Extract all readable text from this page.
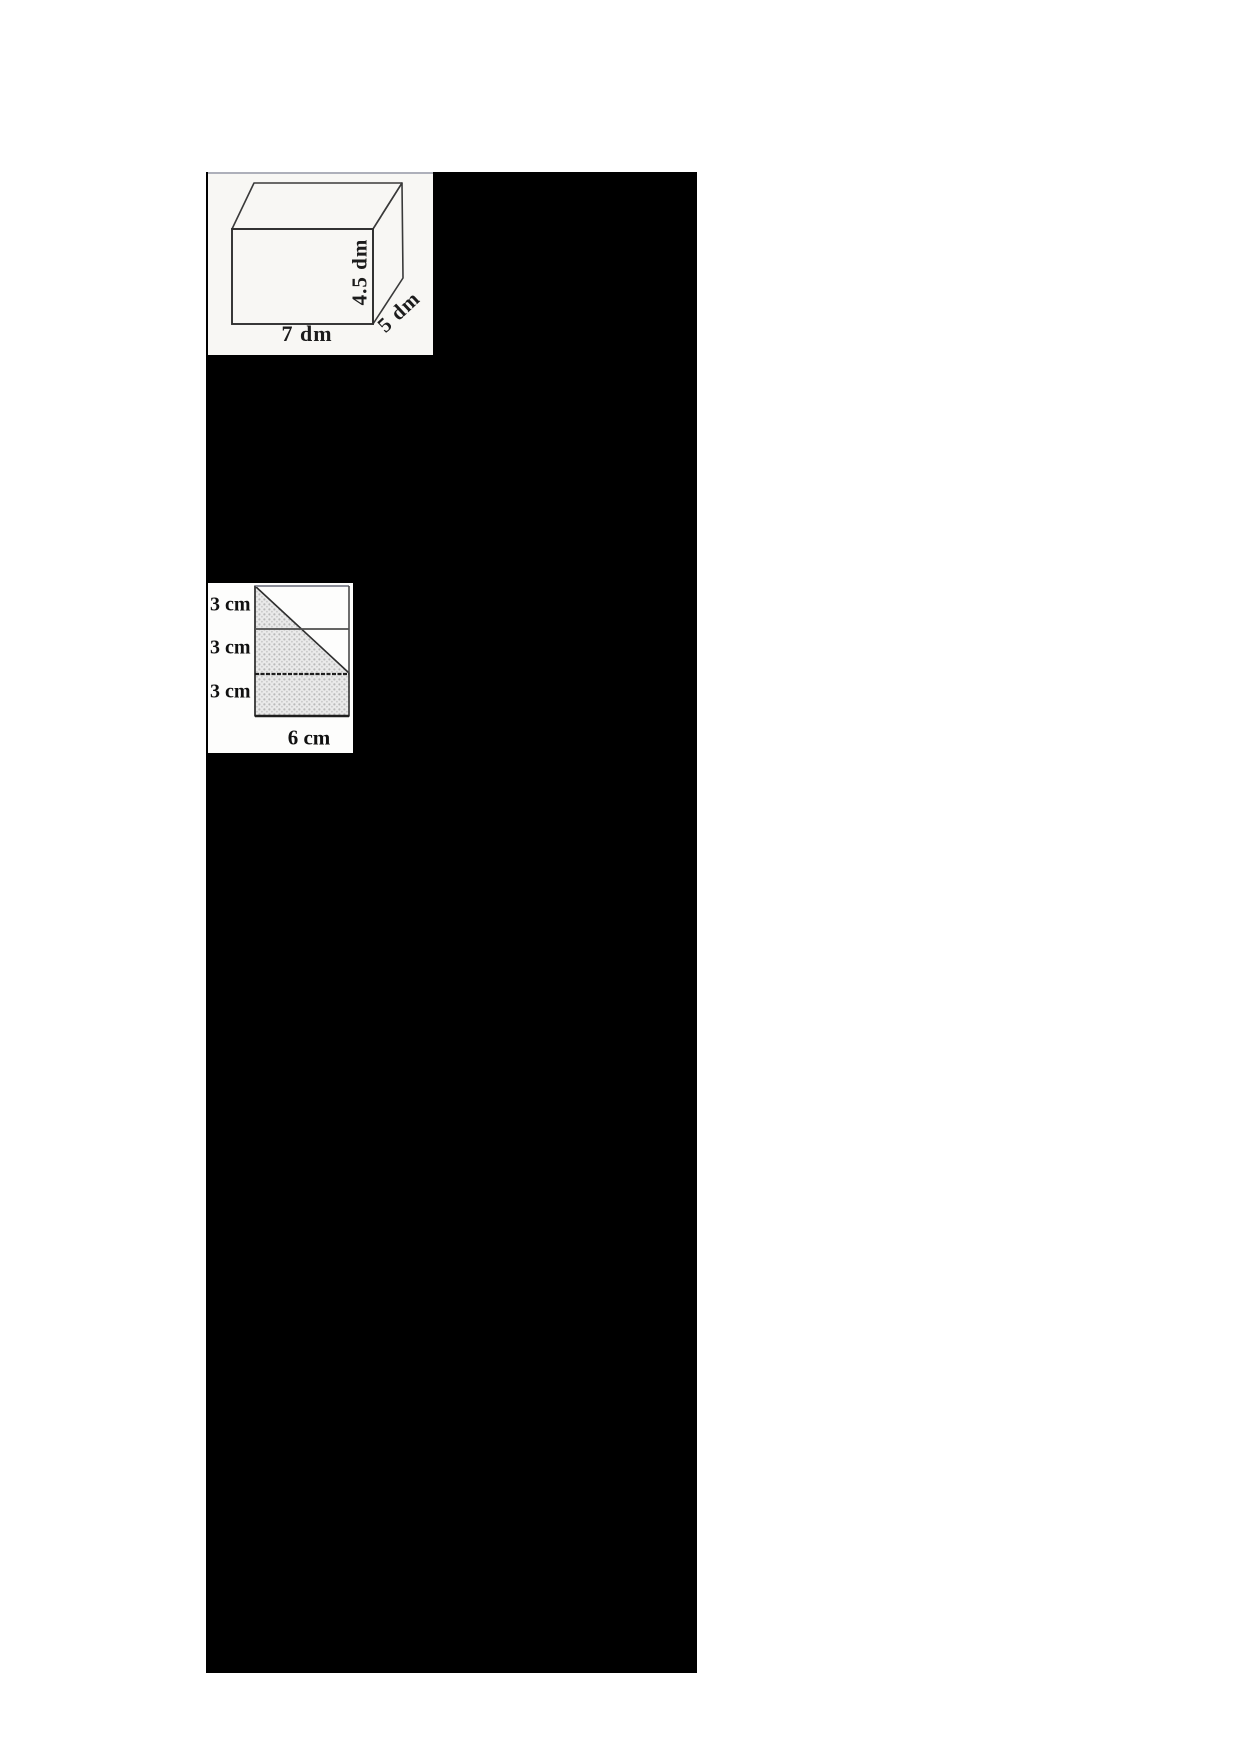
4.5 dm
5 dm
7 dm
3 cm
3 cm
3 cm
6 cm
